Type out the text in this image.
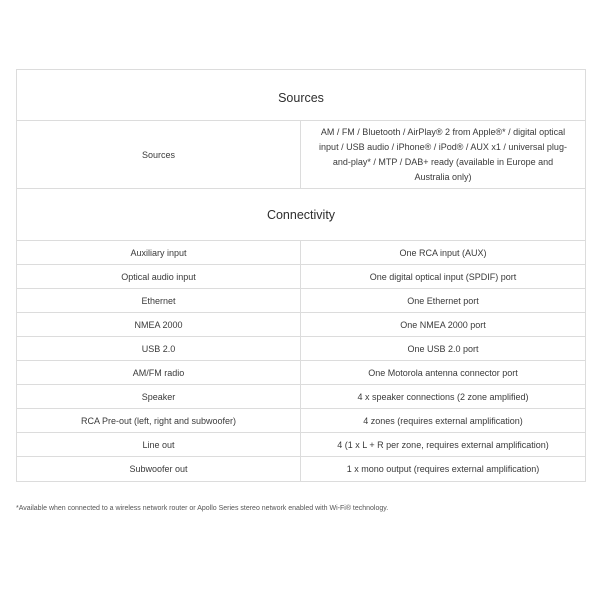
Sources	
Sources	AM / FM / Bluetooth / AirPlay® 2 from Apple®* / digital optical input / USB audio / iPhone® / iPod® / AUX x1 / universal plug-and-play* / MTP / DAB+ ready (available in Europe and Australia only)
Connectivity	
Auxiliary input	One RCA input (AUX)
Optical audio input	One digital optical input (SPDIF) port
Ethernet	One Ethernet port
NMEA 2000	One NMEA 2000 port
USB 2.0	One USB 2.0 port
AM/FM radio	One Motorola antenna connector port
Speaker	4 x speaker connections (2 zone amplified)
RCA Pre-out (left, right and subwoofer)	4 zones (requires external amplification)
Line out	4 (1 x L + R per zone, requires external amplification)
Subwoofer out	1 x mono output (requires external amplification)
*Available when connected to a wireless network router or Apollo Series stereo network enabled with Wi-Fi® technology.
